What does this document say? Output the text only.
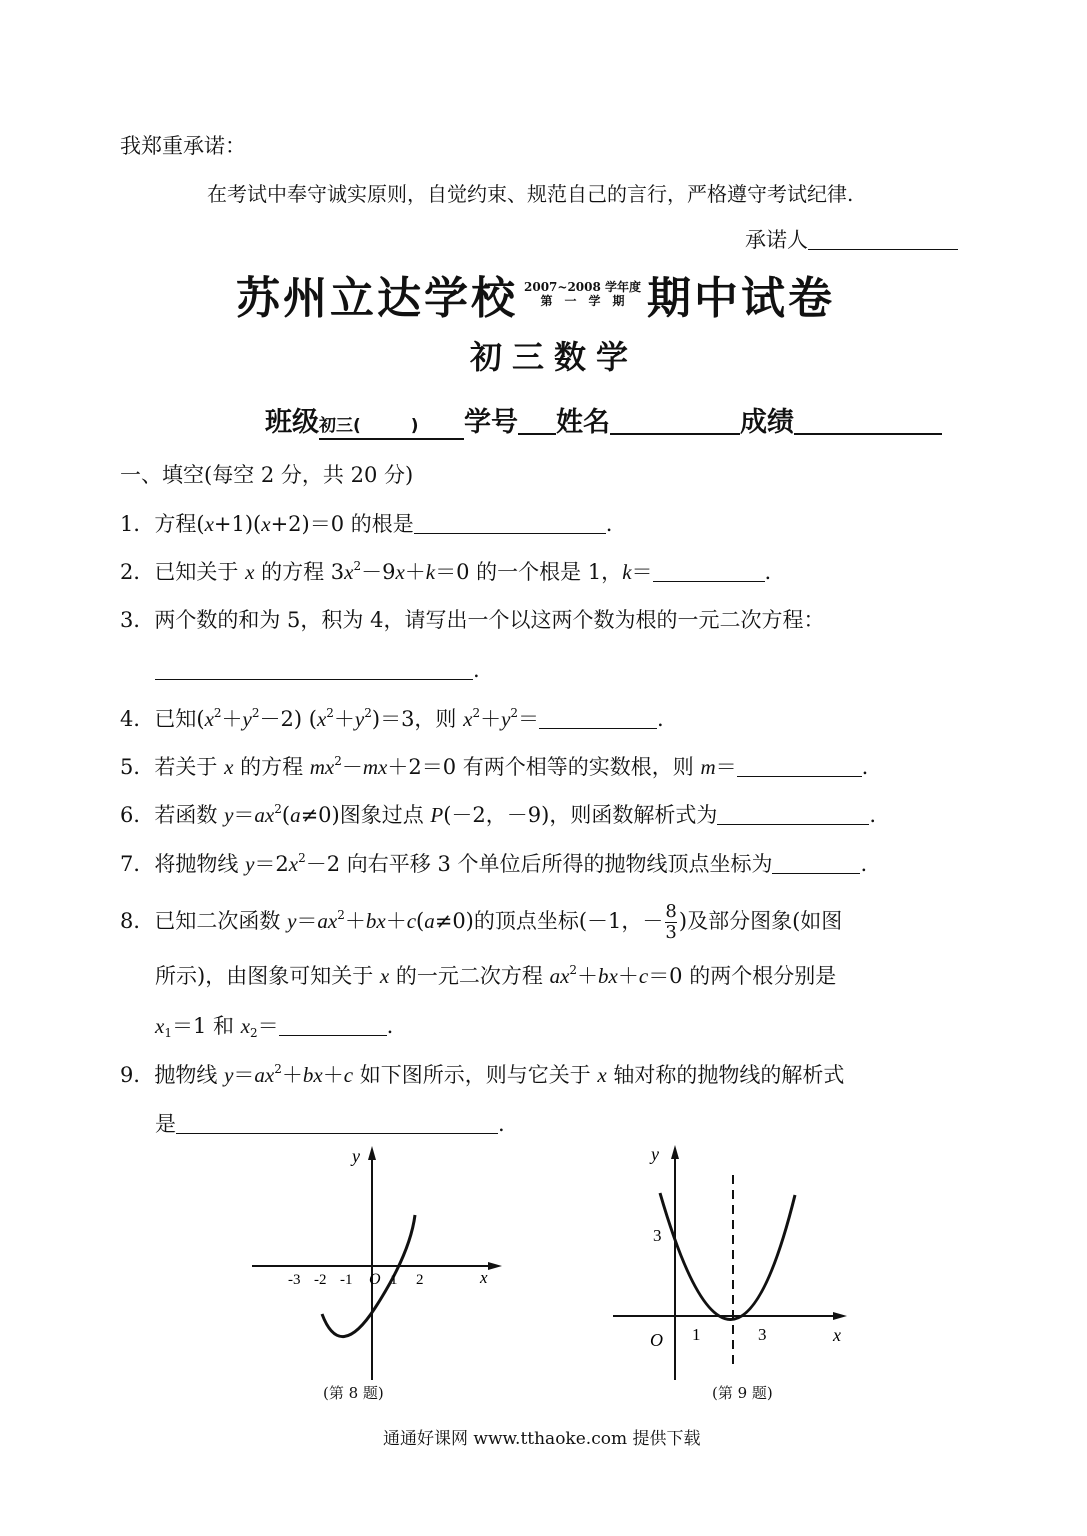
我郑重承诺：
在考试中奉守诚实原则，自觉约束、规范自己的言行，严格遵守考试纪律.
承诺人
苏州立达学校 2007~2008 学年度
第　一　学　期 期中试卷
初三数学
班级初三(	) 学号 姓名	成绩
一、填空(每空 2 分，共 20 分)
1．方程(x+1)(x+2)＝0 的根是	.
2．已知关于 x 的方程 $3x^2-9x+k=0$ 的一个根是 1，k＝	.
3．两个数的和为 5，积为 4，请写出一个以这两个数为根的一元二次方程：
.
4．已知$(x^2+y^2-2)$ $(x^2+y^2)=3$，则 $x^2+y^2=$	.
5．若关于 x 的方程 $mx^2-mx+2=0$ 有两个相等的实数根，则 m＝	.
6．若函数 $y=ax^2(a\ne 0)$图象过点 P(－2，－9)，则函数解析式为	.
7．将抛物线 $y=2x^2-2$ 向右平移 3 个单位后所得的抛物线顶点坐标为	.
8．已知二次函数 $y=ax^2+bx+c(a\ne 0)$的顶点坐标(－1，－ $\frac{8}{3}$ )及部分图象(如图
所示)，由图象可知关于 x 的一元二次方程 $ax^2+bx+c=0$ 的两个根分别是
$x_1=1$ 和 $x_2=$	.
9．抛物线 $y=ax^2+bx+c$ 如下图所示，则与它关于 x 轴对称的抛物线的解析式
是	.
y
x
O
-3 -2 -1	1 2
(第 8 题)
y
3
O 1	3	x
(第 9 题)
通通好课网 www.tthaoke.com 提供下载
